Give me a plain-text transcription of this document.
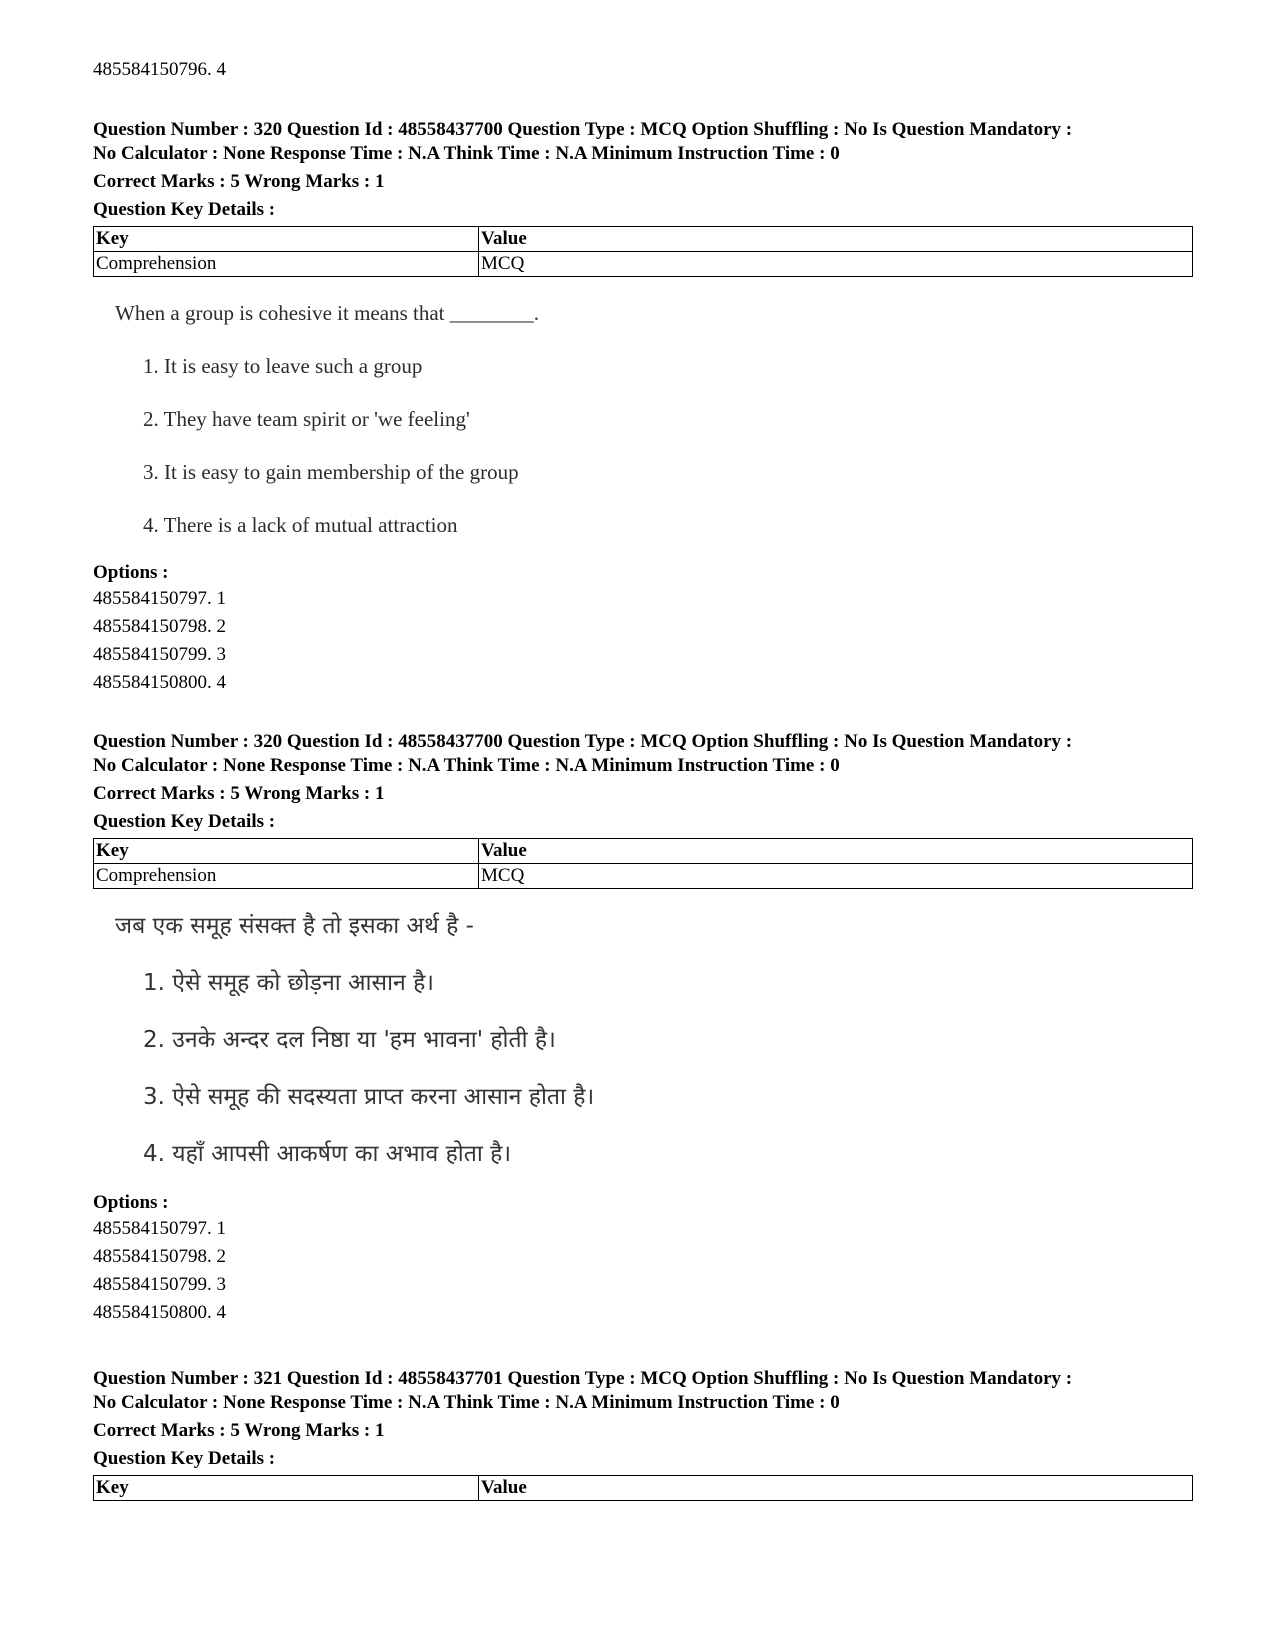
485584150796. 4
Question Number : 320 Question Id : 48558437700 Question Type : MCQ Option Shuffling : No Is Question Mandatory :
No Calculator : None Response Time : N.A Think Time : N.A Minimum Instruction Time : 0
Correct Marks : 5 Wrong Marks : 1
Question Key Details :
Key	Value
Comprehension	MCQ
When a group is cohesive it means that ________.
1. It is easy to leave such a group
2. They have team spirit or 'we feeling'
3. It is easy to gain membership of the group
4. There is a lack of mutual attraction
Options :
485584150797. 1
485584150798. 2
485584150799. 3
485584150800. 4
Question Number : 320 Question Id : 48558437700 Question Type : MCQ Option Shuffling : No Is Question Mandatory :
No Calculator : None Response Time : N.A Think Time : N.A Minimum Instruction Time : 0
Correct Marks : 5 Wrong Marks : 1
Question Key Details :
Key	Value
Comprehension	MCQ
जब एक समूह संसक्त है तो इसका अर्थ है -
1. ऐसे समूह को छोड़ना आसान है।
2. उनके अन्दर दल निष्ठा या 'हम भावना' होती है।
3. ऐसे समूह की सदस्यता प्राप्त करना आसान होता है।
4. यहाँ आपसी आकर्षण का अभाव होता है।
Options :
485584150797. 1
485584150798. 2
485584150799. 3
485584150800. 4
Question Number : 321 Question Id : 48558437701 Question Type : MCQ Option Shuffling : No Is Question Mandatory :
No Calculator : None Response Time : N.A Think Time : N.A Minimum Instruction Time : 0
Correct Marks : 5 Wrong Marks : 1
Question Key Details :
Key	Value
